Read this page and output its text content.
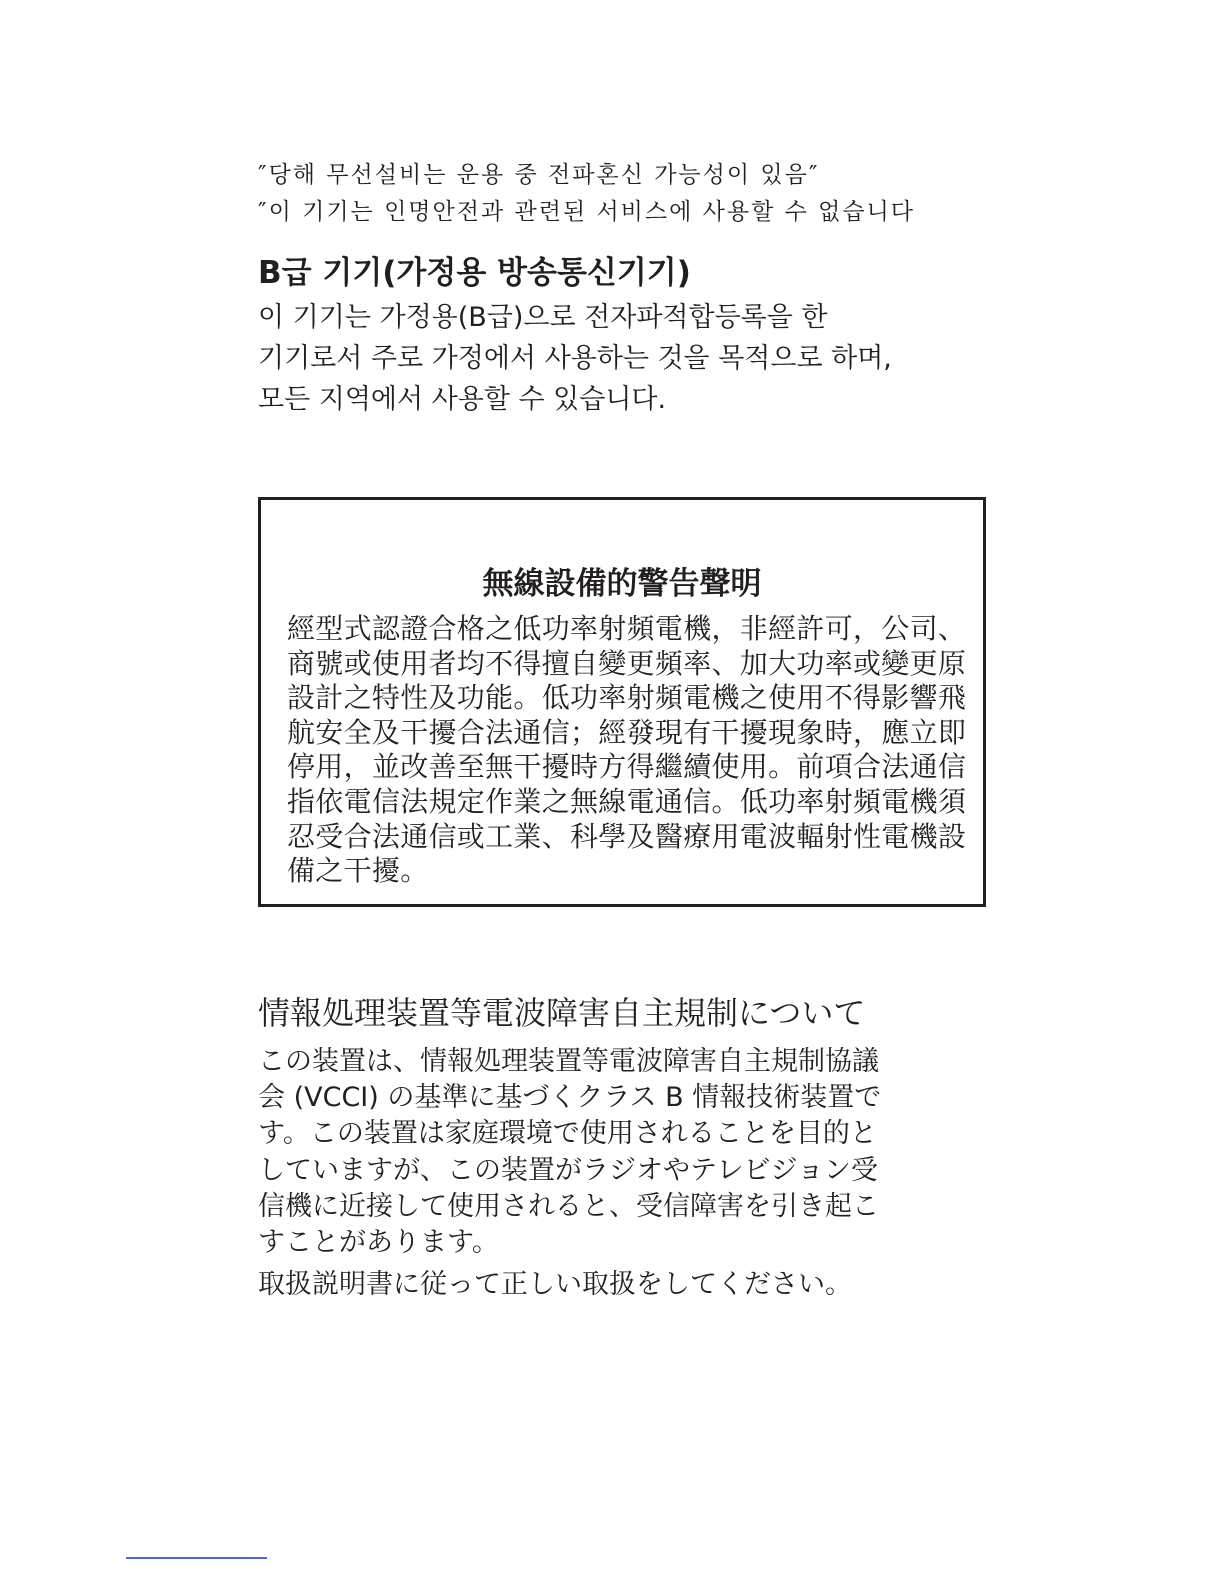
″당해 무선설비는 운용 중 전파혼신 가능성이 있음″
″이 기기는 인명안전과 관련된 서비스에 사용할 수 없습니다
B급 기기(가정용 방송통신기기)
이 기기는 가정용(B급)으로 전자파적합등록을 한
기기로서 주로 가정에서 사용하는 것을 목적으로 하며,
모든 지역에서 사용할 수 있습니다.
無線設備的警告聲明
經型式認證合格之低功率射頻電機，非經許可，公司、
商號或使用者均不得擅自變更頻率、加大功率或變更原
設計之特性及功能。低功率射頻電機之使用不得影響飛
航安全及干擾合法通信；經發現有干擾現象時，應立即
停用，並改善至無干擾時方得繼續使用。前項合法通信
指依電信法規定作業之無線電通信。低功率射頻電機須
忍受合法通信或工業、科學及醫療用電波輻射性電機設
備之干擾。
情報処理装置等電波障害自主規制について
この装置は、情報処理装置等電波障害自主規制協議
会 (VCCI) の基準に基づくクラス B 情報技術装置で
す。この装置は家庭環境で使用されることを目的と
していますが、この装置がラジオやテレビジョン受
信機に近接して使用されると、受信障害を引き起こ
すことがあります。
取扱説明書に従って正しい取扱をしてください。
